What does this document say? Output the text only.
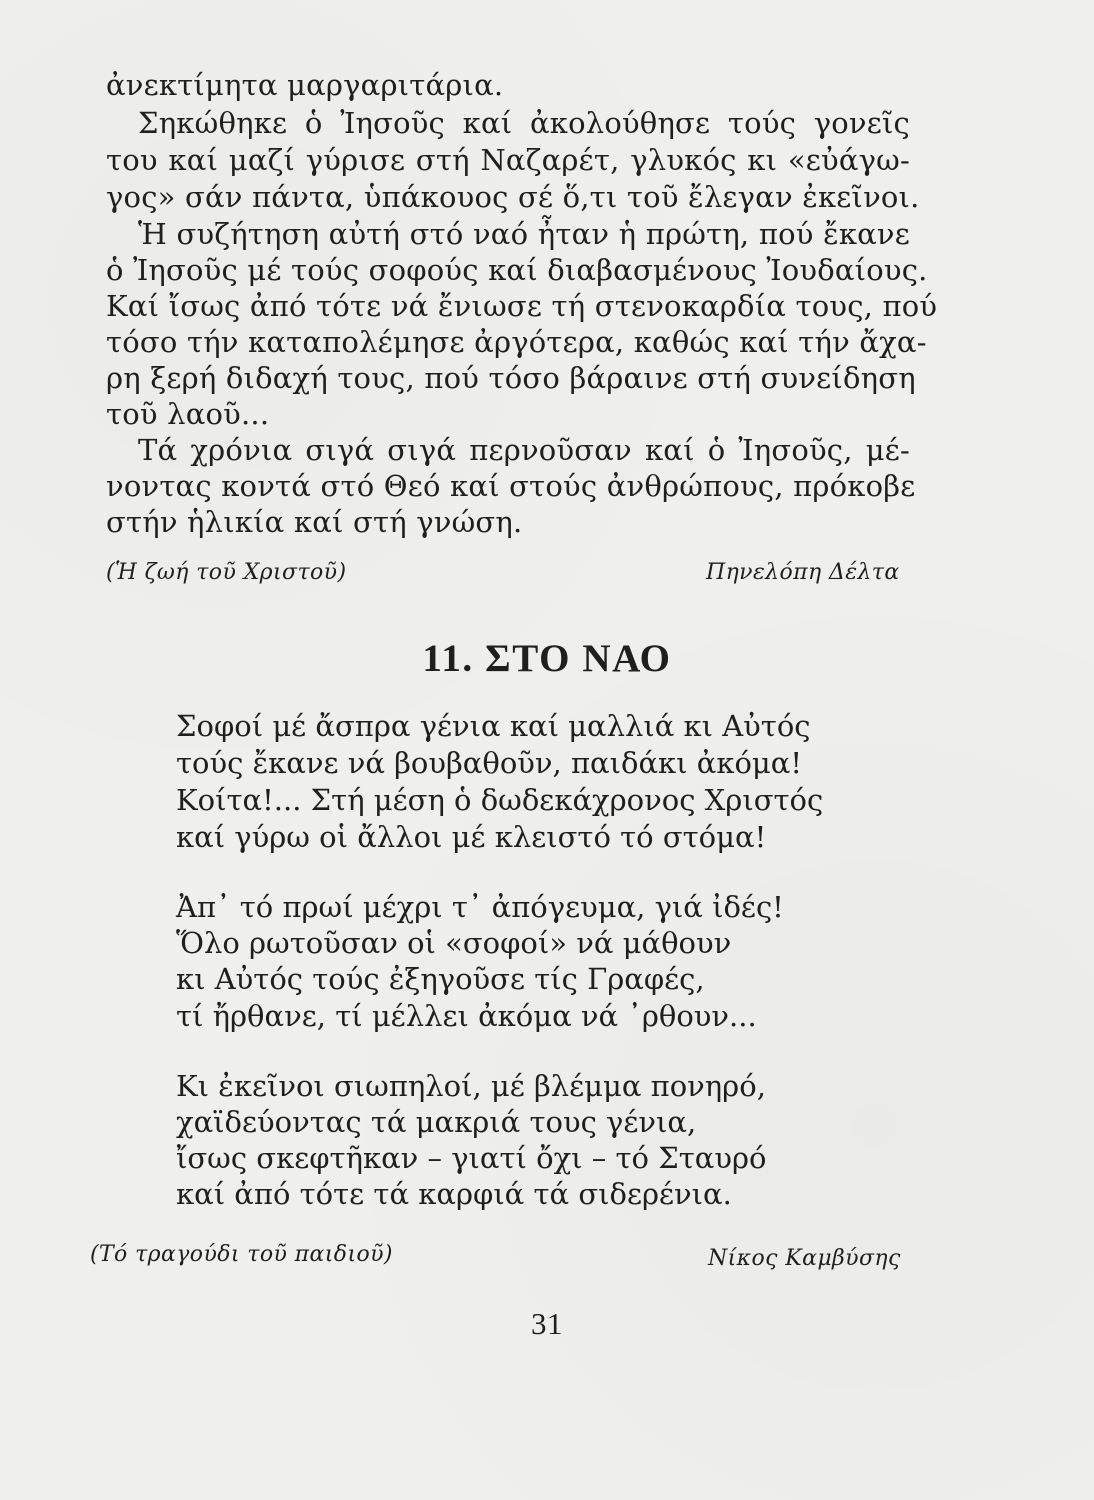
ἀνεκτίμητα μαργαριτάρια.
Σηκώθηκε ὁ Ἰησοῦς καί ἀκολούθησε τούς γονεῖς
του καί μαζί γύρισε στή Ναζαρέτ, γλυκός κι «εὐάγω-
γος» σάν πάντα, ὑπάκουος σέ ὅ,τι τοῦ ἔλεγαν ἐκεῖνοι.
Ἡ συζήτηση αὐτή στό ναό ἦταν ἡ πρώτη, πού ἔκανε
ὁ Ἰησοῦς μέ τούς σοφούς καί διαβασμένους Ἰουδαίους.
Καί ἴσως ἀπό τότε νά ἔνιωσε τή στενοκαρδία τους, πού
τόσο τήν καταπολέμησε ἀργότερα, καθώς καί τήν ἄχα-
ρη ξερή διδαχή τους, πού τόσο βάραινε στή συνείδηση
τοῦ λαοῦ...
Τά χρόνια σιγά σιγά περνοῦσαν καί ὁ Ἰησοῦς, μέ-
νοντας κοντά στό Θεό καί στούς ἀνθρώπους, πρόκοβε
στήν ἡλικία καί στή γνώση.
(Ἡ ζωή τοῦ Χριστοῦ)	Πηνελόπη Δέλτα
11. ΣΤΟ ΝΑΟ
Σοφοί μέ ἄσπρα γένια καί μαλλιά κι Αὐτός
τούς ἔκανε νά βουβαθοῦν, παιδάκι ἀκόμα!
Κοίτα!... Στή μέση ὁ δωδεκάχρονος Χριστός
καί γύρω οἱ ἄλλοι μέ κλειστό τό στόμα!
Ἀπ᾽ τό πρωί μέχρι τ᾽ ἀπόγευμα, γιά ἰδές!
Ὅλο ρωτοῦσαν οἱ «σοφοί» νά μάθουν
κι Αὐτός τούς ἐξηγοῦσε τίς Γραφές,
τί ἤρθανε, τί μέλλει ἀκόμα νά ᾽ρθουν...
Κι ἐκεῖνοι σιωπηλοί, μέ βλέμμα πονηρό,
χαϊδεύοντας τά μακριά τους γένια,
ἴσως σκεφτῆκαν – γιατί ὄχι – τό Σταυρό
καί ἀπό τότε τά καρφιά τά σιδερένια.
(Τό τραγούδι τοῦ παιδιοῦ)	Νίκος Καμβύσης
31
